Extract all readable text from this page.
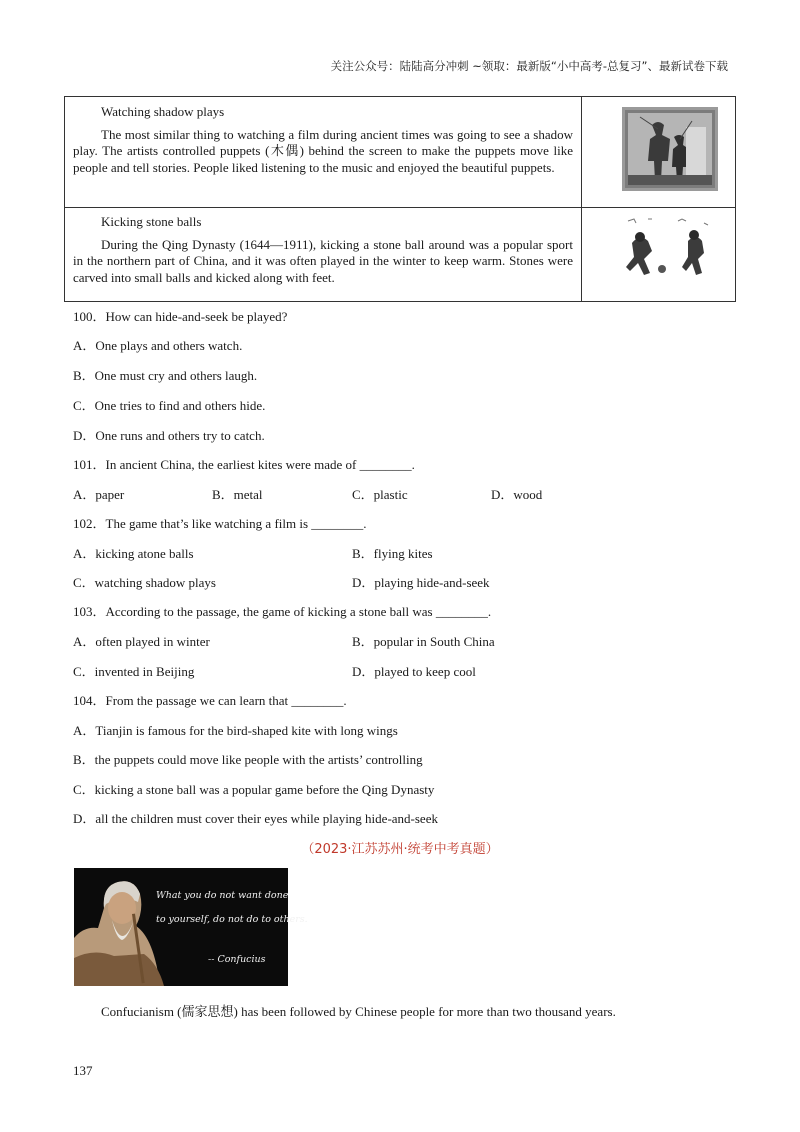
关注公众号：陆陆高分冲刺 ~领取：最新版“小中高考-总复习”、最新试卷下载

Watching shadow plays

The most similar thing to watching a film during ancient times was going to see a shadow play. The artists controlled puppets (木偶) behind the screen to make the puppets move like people and tell stories. People liked listening to the music and enjoyed the beautiful puppets.

Kicking stone balls

During the Qing Dynasty (1644—1911), kicking a stone ball around was a popular sport in the northern part of China, and it was often played in the winter to keep warm. Stones were carved into small balls and kicked along with feet.

100．How can hide-and-seek be played?
A．One plays and others watch.
B．One must cry and others laugh.
C．One tries to find and others hide.
D．One runs and others try to catch.
101．In ancient China, the earliest kites were made of ________.
A．paper	B．metal	C．plastic	D．wood
102．The game that’s like watching a film is ________.
A．kicking atone balls	B．flying kites
C．watching shadow plays	D．playing hide-and-seek
103．According to the passage, the game of kicking a stone ball was ________.
A．often played in winter	B．popular in South China
C．invented in Beijing	D．played to keep cool
104．From the passage we can learn that ________.
A．Tianjin is famous for the bird-shaped kite with long wings
B．the puppets could move like people with the artists’ controlling
C．kicking a stone ball was a popular game before the Qing Dynasty
D．all the children must cover their eyes while playing hide-and-seek
（2023·江苏苏州·统考中考真题）
What you do not want done
to yourself, do not do to others.
-- Confucius
Confucianism (儒家思想) has been followed by Chinese people for more than two thousand years.
137
